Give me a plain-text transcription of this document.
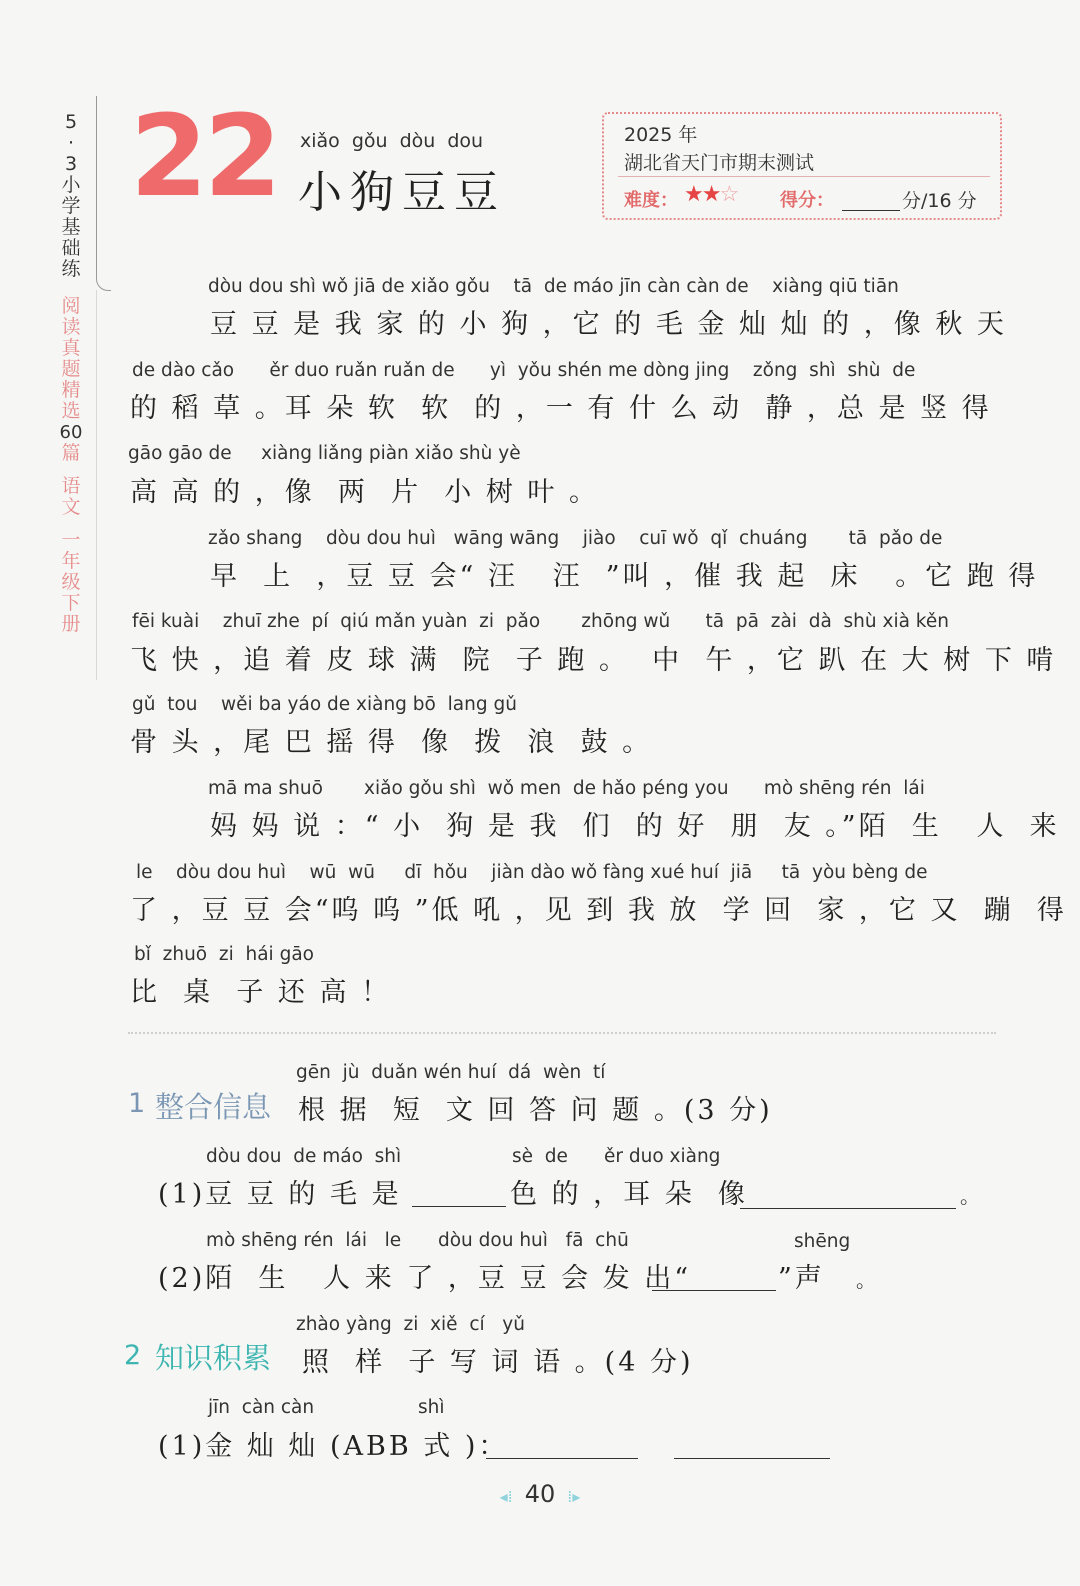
5
·
3
小
学
基
础
练
阅
读
真
题
精
选
60
篇
语
文
一
年
级
下
册
22 xiǎo gǒu dòu dou
小狗豆豆
2025 年
湖北省天门市期末测试
难度： ★★☆ 得分：	分/16 分
dòu dou shì wǒ jiā de xiǎo gǒu    tā  de máo jīn càn càn de    xiàng qiū tiān
豆 豆 是 我 家 的 小 狗 ，它 的 毛 金 灿 灿 的 ，像 秋 天
de dào cǎo      ěr duo ruǎn ruǎn de      yì  yǒu shén me dòng jing    zǒng  shì  shù  de
的 稻 草 。耳 朵 软  软  的 ，一 有 什 么 动  静 ，总 是 竖 得
gāo gāo de     xiàng liǎng piàn xiǎo shù yè
高 高 的 ，像  两  片  小 树 叶 。
zǎo shang    dòu dou huì   wāng wāng    jiào    cuī wǒ  qǐ  chuáng       tā  pǎo de
早  上  ，豆 豆 会“ 汪   汪  ”叫 ，催 我 起  床   。它 跑 得
fēi kuài    zhuī zhe  pí  qiú mǎn yuàn  zi  pǎo       zhōng wǔ      tā  pā  zài  dà  shù xià kěn
飞 快 ，追 着 皮 球 满  院  子 跑 。  中  午 ，它 趴 在 大 树 下 啃
gǔ  tou    wěi ba yáo de xiàng bō  lang gǔ
骨 头 ，尾 巴 摇 得  像  拨  浪  鼓 。
mā ma shuō       xiǎo gǒu shì  wǒ men  de hǎo péng you      mò shēng rén  lái
妈 妈 说 ：“ 小  狗 是 我  们  的 好  朋  友 。”陌  生   人  来
le    dòu dou huì    wū  wū     dī  hǒu    jiàn dào wǒ fàng xué huí  jiā     tā  yòu bèng de
了 ，豆 豆 会“呜 呜 ”低 吼 ，见 到 我 放  学 回  家 ，它 又  蹦  得
bǐ  zhuō  zi  hái gāo
比  桌  子 还 高 ！
gēn  jù  duǎn wén huí  dá  wèn  tí
1 整合信息 根 据  短  文 回 答 问 题 。(3 分)
dòu dou  de máo  shì	sè  de ěr duo xiàng
(1)豆 豆 的 毛 是	色 的 ，耳 朵  像	。
mò shēng rén  lái   le dòu dou huì   fā  chū	shēng
(2)陌  生   人 来 了 ，豆 豆 会 发 出“	”声 。
zhào yàng  zi  xiě  cí   yǔ
2 知识积累 照  样  子 写 词 语 。(4 分)
jīn  càn càn	shì
(1)金 灿 灿 (ABB 式 )：
◂⁞ 40 ⁞▸
